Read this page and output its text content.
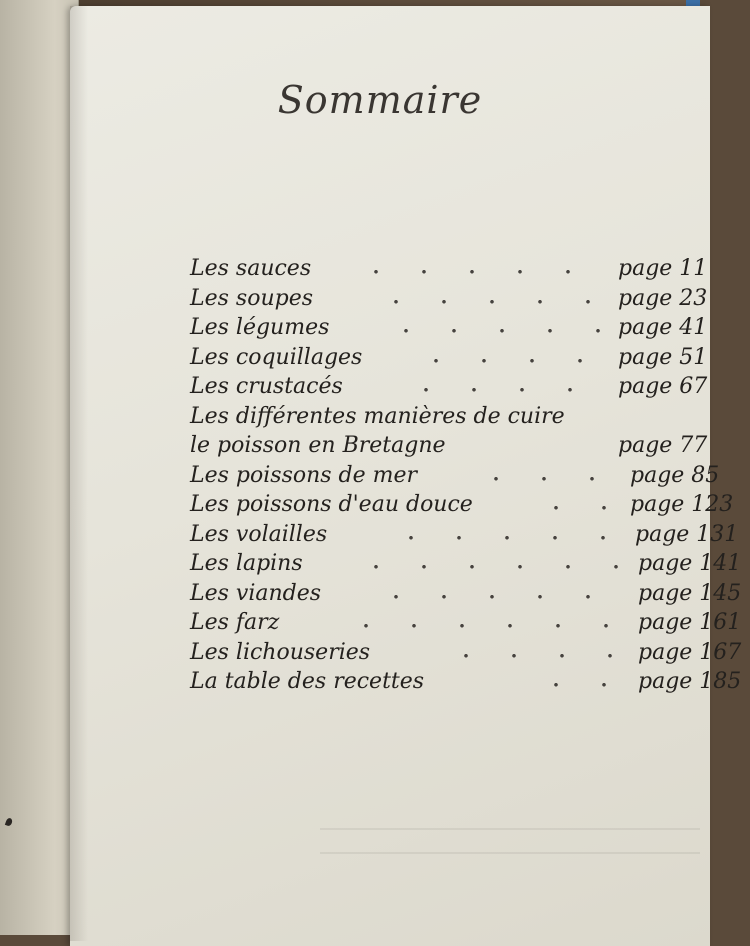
Sommaire
Les sauces	page 11
Les soupes	page 23
Les légumes	page 41
Les coquillages	page 51
Les crustacés	page 67
Les différentes manières de cuire le poisson en Bretagne	page 77
Les poissons de mer	page 85
Les poissons d'eau douce	page 123
Les volailles	page 131
Les lapins	page 141
Les viandes	page 145
Les farz	page 161
Les lichouseries	page 167
La table des recettes	page 185
